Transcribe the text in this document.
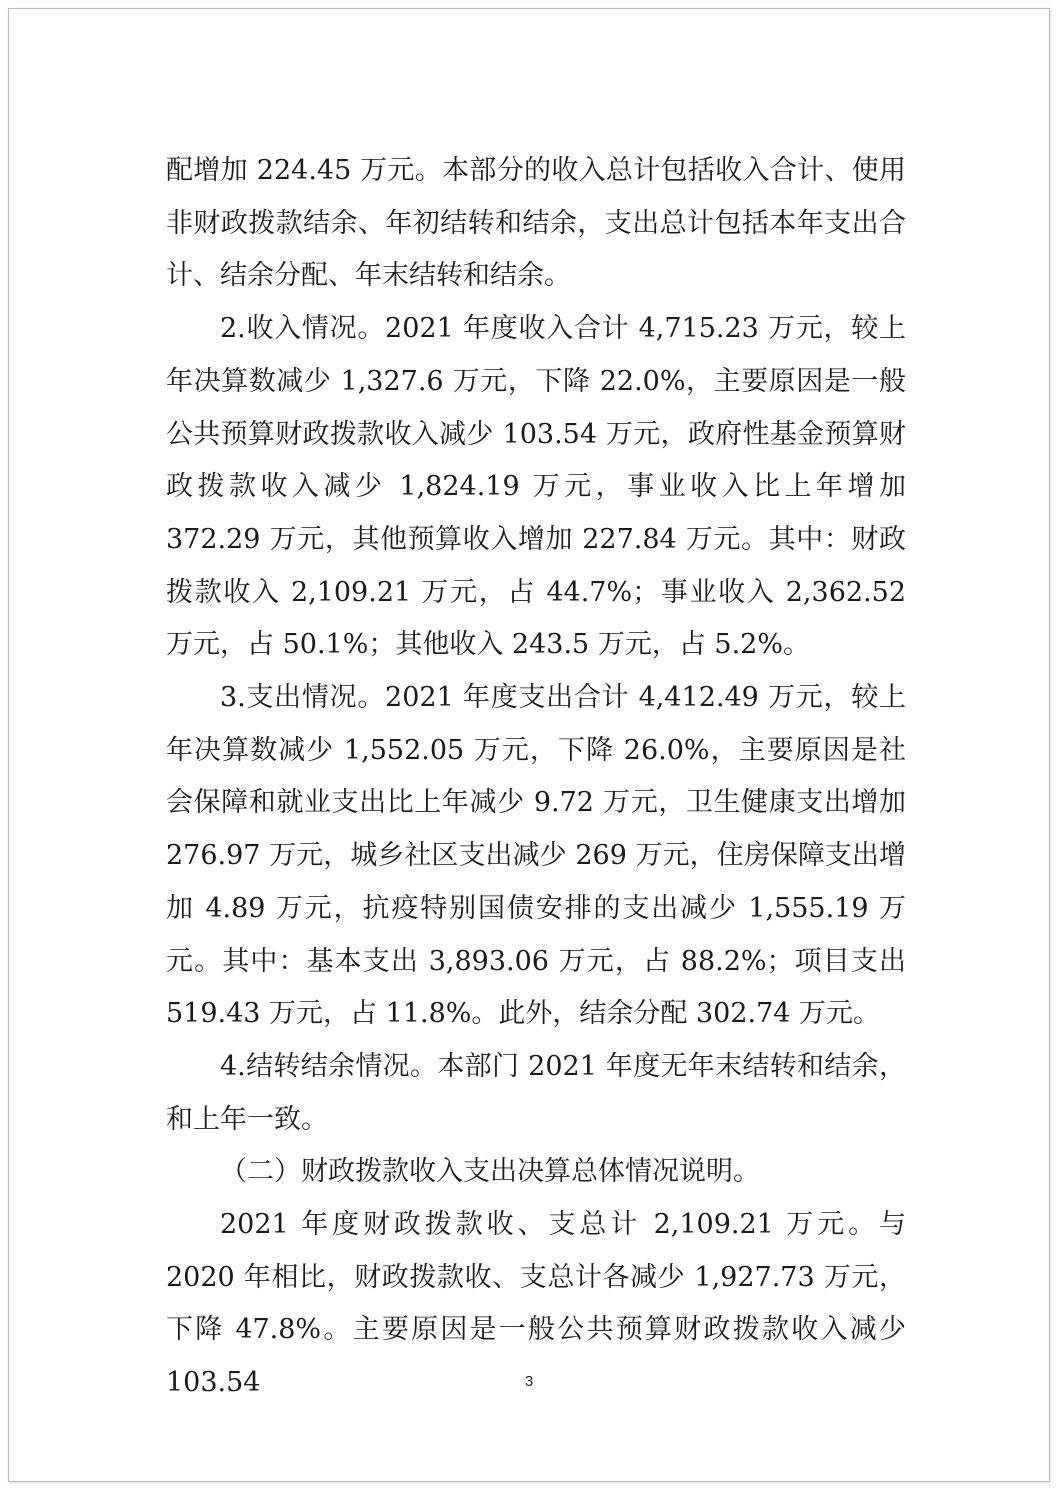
配增加 224.45 万元。本部分的收入总计包括收入合计、使用非财政拨款结余、年初结转和结余，支出总计包括本年支出合计、结余分配、年末结转和结余。

2.收入情况。2021 年度收入合计 4,715.23 万元，较上年决算数减少 1,327.6 万元，下降 22.0%，主要原因是一般公共预算财政拨款收入减少 103.54 万元，政府性基金预算财政拨款收入减少 1,824.19 万元，事业收入比上年增加 372.29 万元，其他预算收入增加 227.84 万元。其中：财政拨款收入 2,109.21 万元，占 44.7%；事业收入 2,362.52 万元，占 50.1%；其他收入 243.5 万元，占 5.2%。

3.支出情况。2021 年度支出合计 4,412.49 万元，较上年决算数减少 1,552.05 万元，下降 26.0%，主要原因是社会保障和就业支出比上年减少 9.72 万元，卫生健康支出增加 276.97 万元，城乡社区支出减少 269 万元，住房保障支出增加 4.89 万元，抗疫特别国债安排的支出减少 1,555.19 万元。其中：基本支出 3,893.06 万元，占 88.2%；项目支出 519.43 万元，占 11.8%。此外，结余分配 302.74 万元。

4.结转结余情况。本部门 2021 年度无年末结转和结余，和上年一致。

（二）财政拨款收入支出决算总体情况说明。

2021 年度财政拨款收、支总计 2,109.21 万元。与 2020 年相比，财政拨款收、支总计各减少 1,927.73 万元，下降 47.8%。主要原因是一般公共预算财政拨款收入减少 103.54	3
